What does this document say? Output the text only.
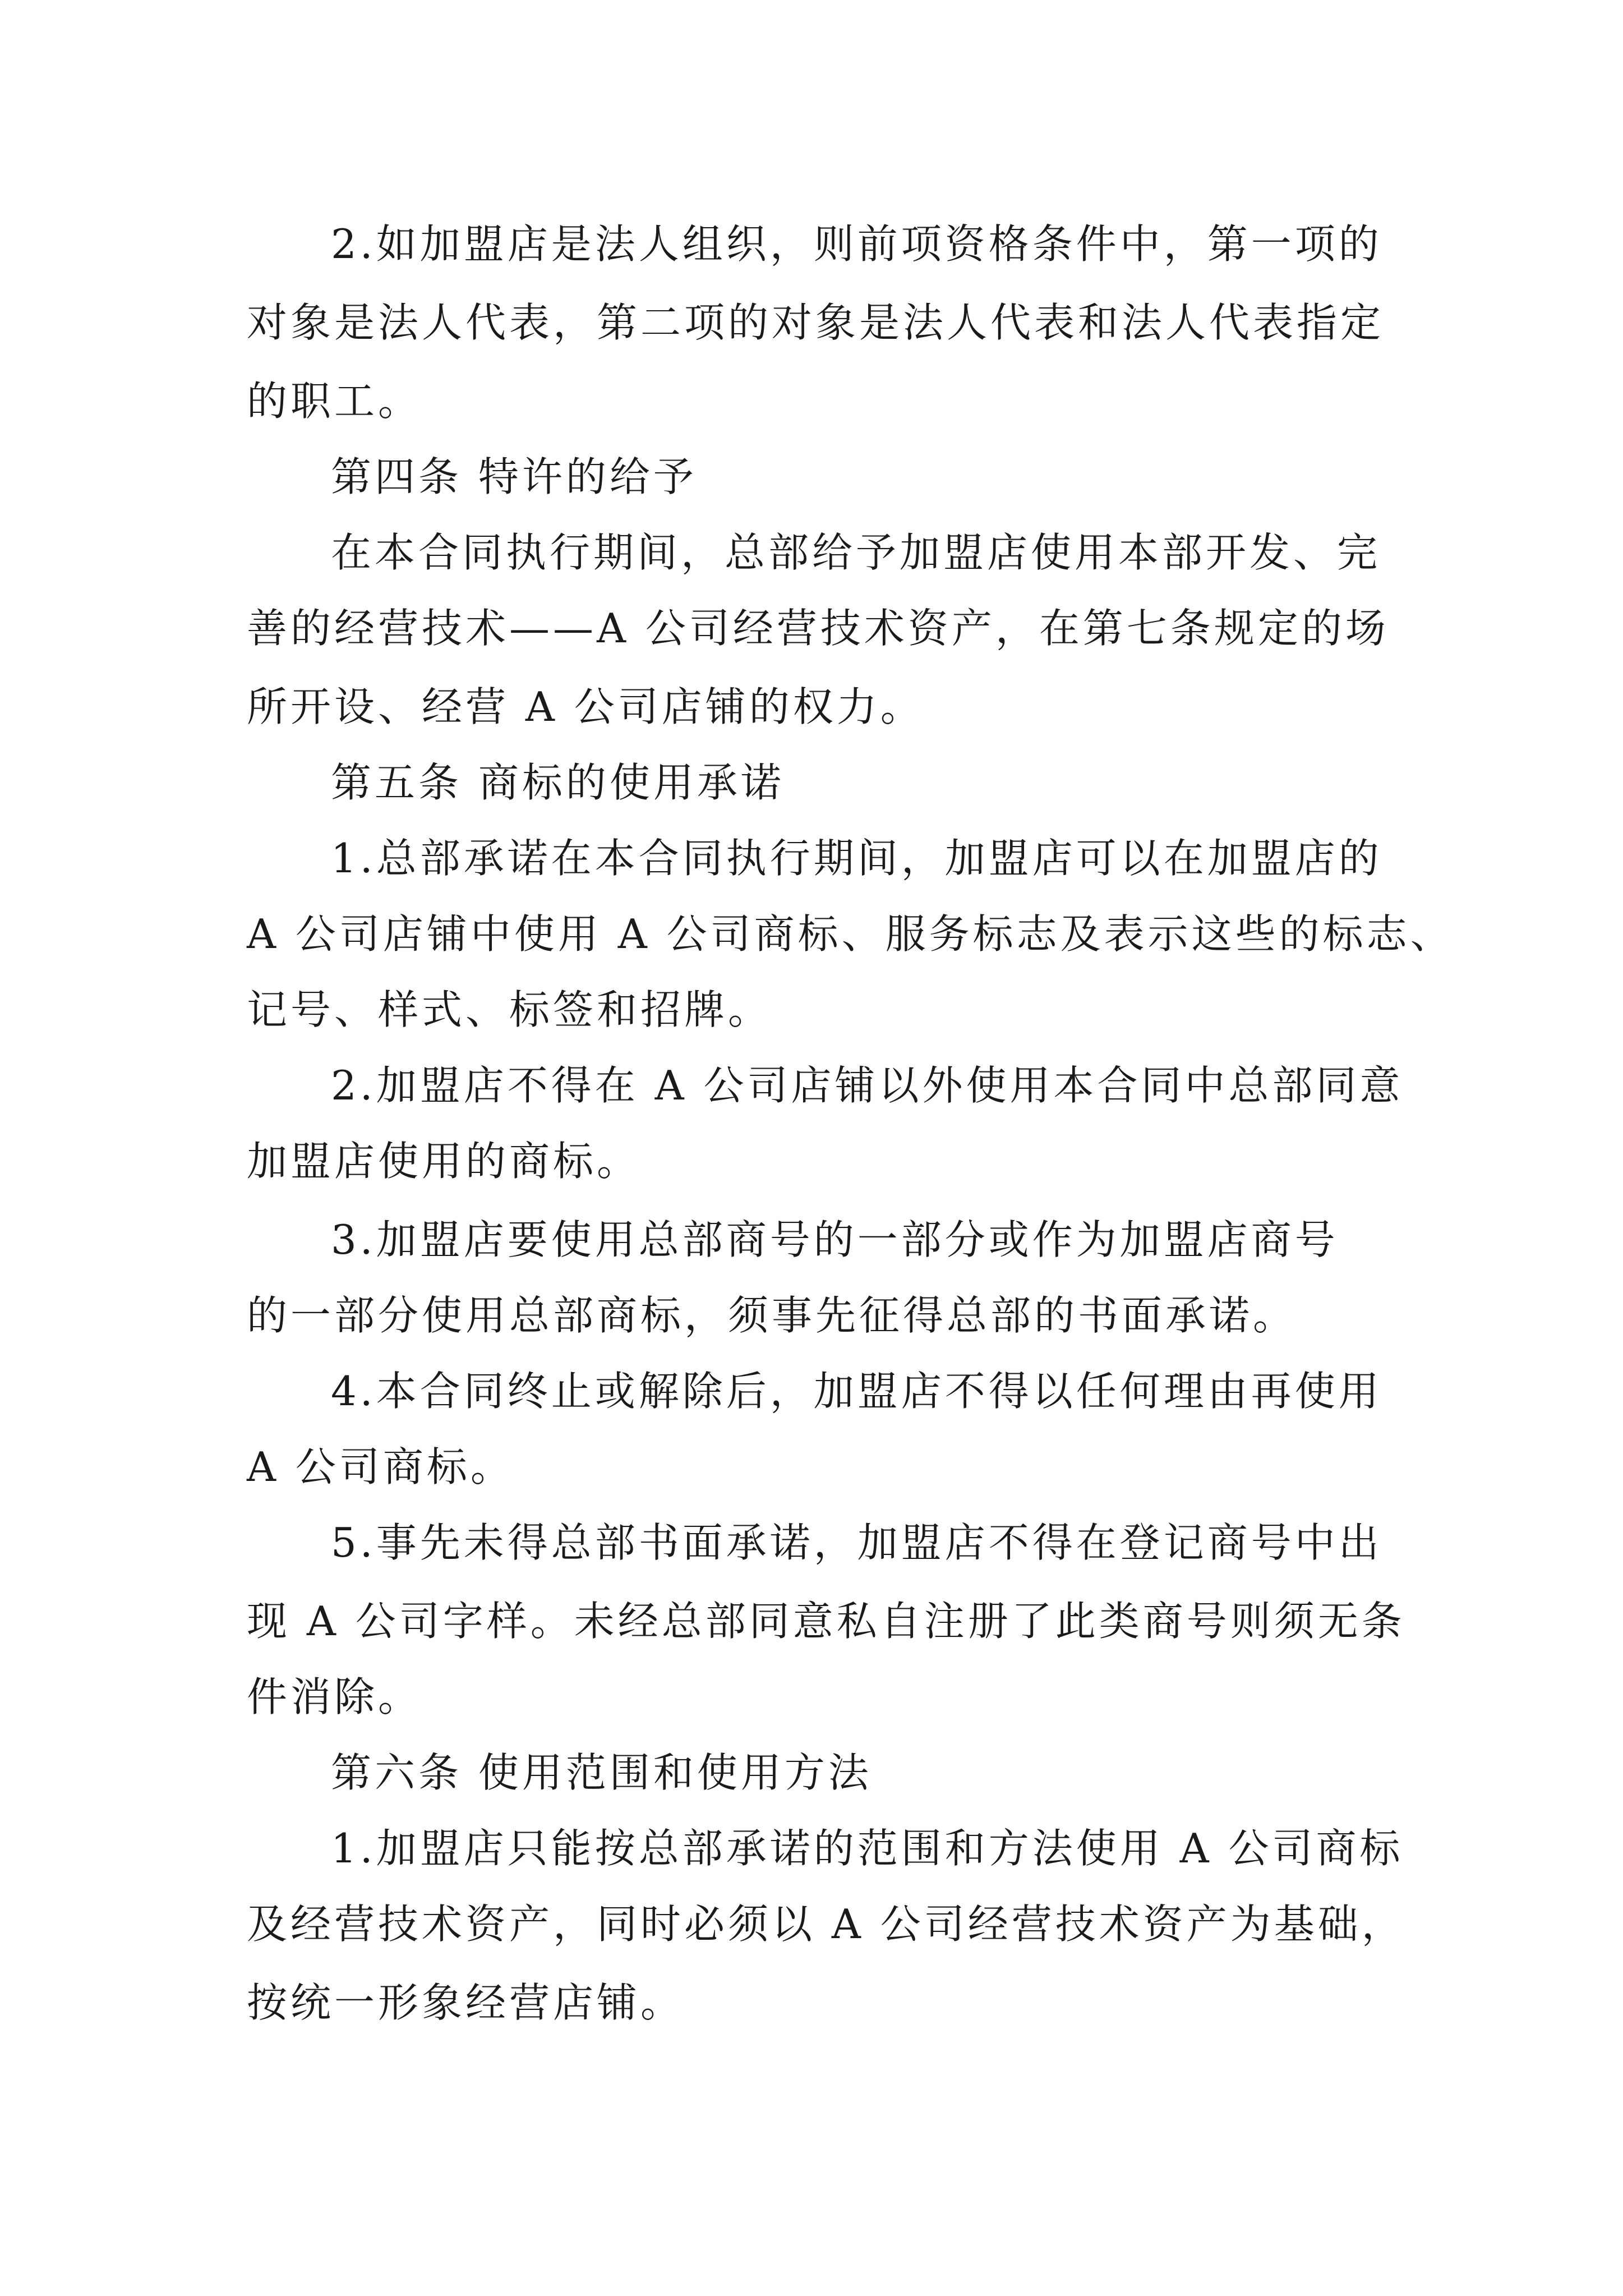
2.如加盟店是法人组织，则前项资格条件中，第一项的
对象是法人代表，第二项的对象是法人代表和法人代表指定
的职工。
第四条 特许的给予
在本合同执行期间，总部给予加盟店使用本部开发、完
善的经营技术——A 公司经营技术资产，在第七条规定的场
所开设、经营 A 公司店铺的权力。
第五条 商标的使用承诺
1.总部承诺在本合同执行期间，加盟店可以在加盟店的
A 公司店铺中使用 A 公司商标、服务标志及表示这些的标志、
记号、样式、标签和招牌。
2.加盟店不得在 A 公司店铺以外使用本合同中总部同意
加盟店使用的商标。
3.加盟店要使用总部商号的一部分或作为加盟店商号
的一部分使用总部商标，须事先征得总部的书面承诺。
4.本合同终止或解除后，加盟店不得以任何理由再使用
A 公司商标。
5.事先未得总部书面承诺，加盟店不得在登记商号中出
现 A 公司字样。未经总部同意私自注册了此类商号则须无条
件消除。
第六条 使用范围和使用方法
1.加盟店只能按总部承诺的范围和方法使用 A 公司商标
及经营技术资产，同时必须以 A 公司经营技术资产为基础，
按统一形象经营店铺。
